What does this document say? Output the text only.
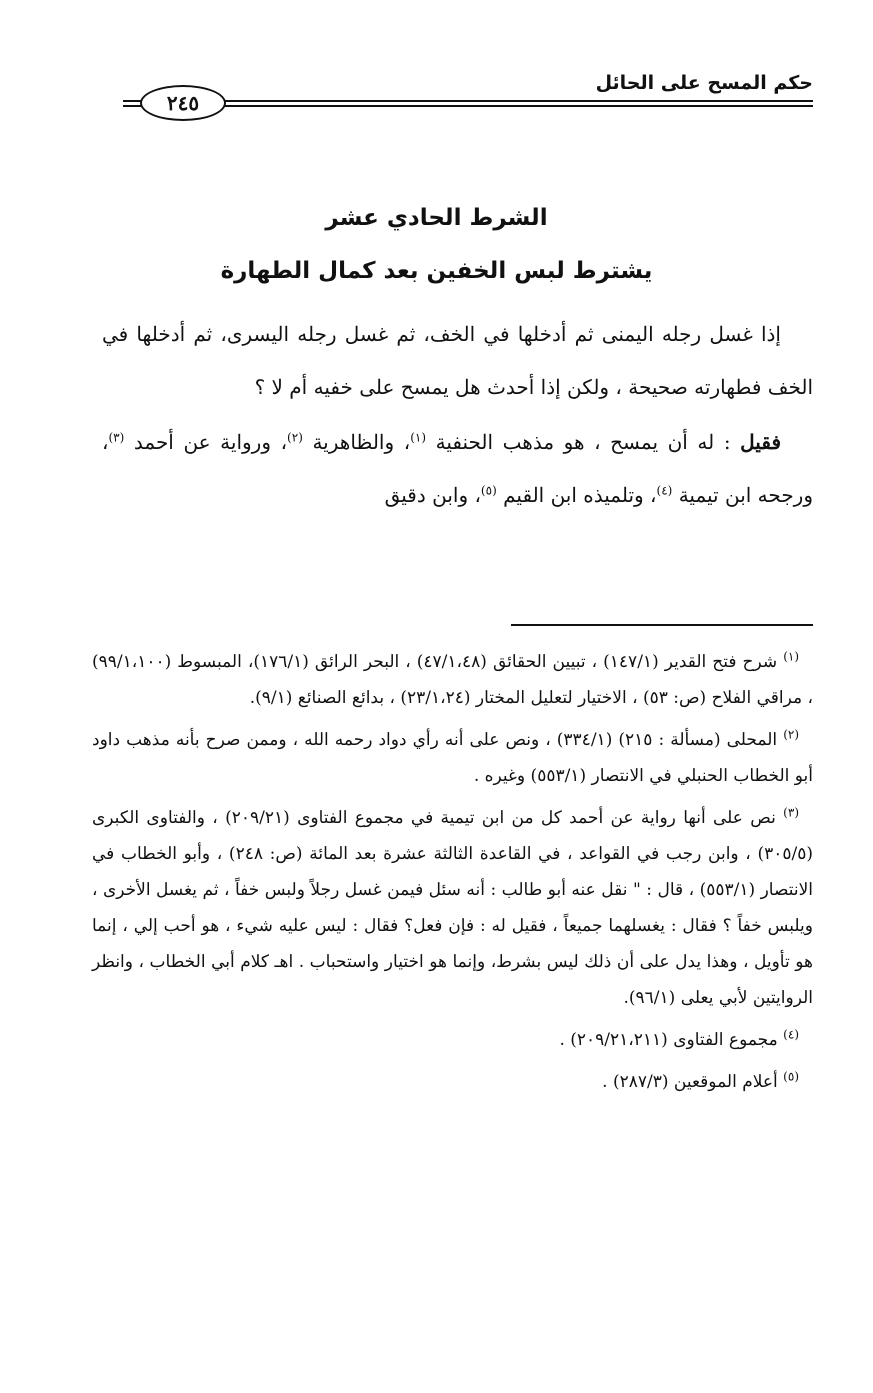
حكم المسح على الحائل
٢٤٥
الشرط الحادي عشر
يشترط لبس الخفين بعد كمال الطهارة

إذا غسل رجله اليمنى ثم أدخلها في الخف، ثم غسل رجله اليسرى، ثم أدخلها في الخف فطهارته صحيحة ، ولكن إذا أحدث هل يمسح على خفيه أم لا ؟

فقيل : له أن يمسح ، هو مذهب الحنفية $^{(١)}$، والظاهرية $^{(٢)}$، ورواية عن أحمد $^{(٣)}$، ورجحه ابن تيمية $^{(٤)}$، وتلميذه ابن القيم $^{(٥)}$، وابن دقيق

$^{(١)}$ شرح فتح القدير (١٤٧/١) ، تبيين الحقائق (٤٧/١،٤٨) ، البحر الرائق (١٧٦/١)، المبسوط (٩٩/١،١٠٠) ، مراقي الفلاح (ص: ٥٣) ، الاختيار لتعليل المختار (٢٣/١،٢٤) ، بدائع الصنائع (٩/١).

$^{(٢)}$ المحلى (مسألة : ٢١٥) (٣٣٤/١) ، ونص على أنه رأي دواد رحمه الله ، وممن صرح بأنه مذهب داود أبو الخطاب الحنبلي في الانتصار (٥٥٣/١) وغيره .

$^{(٣)}$ نص على أنها رواية عن أحمد كل من ابن تيمية في مجموع الفتاوى (٢٠٩/٢١) ، والفتاوى الكبرى (٣٠٥/٥) ، وابن رجب في القواعد ، في القاعدة الثالثة عشرة بعد المائة (ص: ٢٤٨) ، وأبو الخطاب في الانتصار (٥٥٣/١) ، قال : " نقل عنه أبو طالب : أنه سئل فيمن غسل رجلاً ولبس خفاً ، ثم يغسل الأخرى ، ويلبس خفاً ؟ فقال : يغسلهما جميعاً ، فقيل له : فإن فعل؟ فقال : ليس عليه شيء ، هو أحب إلي ، إنما هو تأويل ، وهذا يدل على أن ذلك ليس بشرط، وإنما هو اختيار واستحباب . اهـ كلام أبي الخطاب ، وانظر الروايتين لأبي يعلى (٩٦/١).

$^{(٤)}$ مجموع الفتاوى (٢٠٩/٢١،٢١١) .

$^{(٥)}$ أعلام الموقعين (٢٨٧/٣) .
